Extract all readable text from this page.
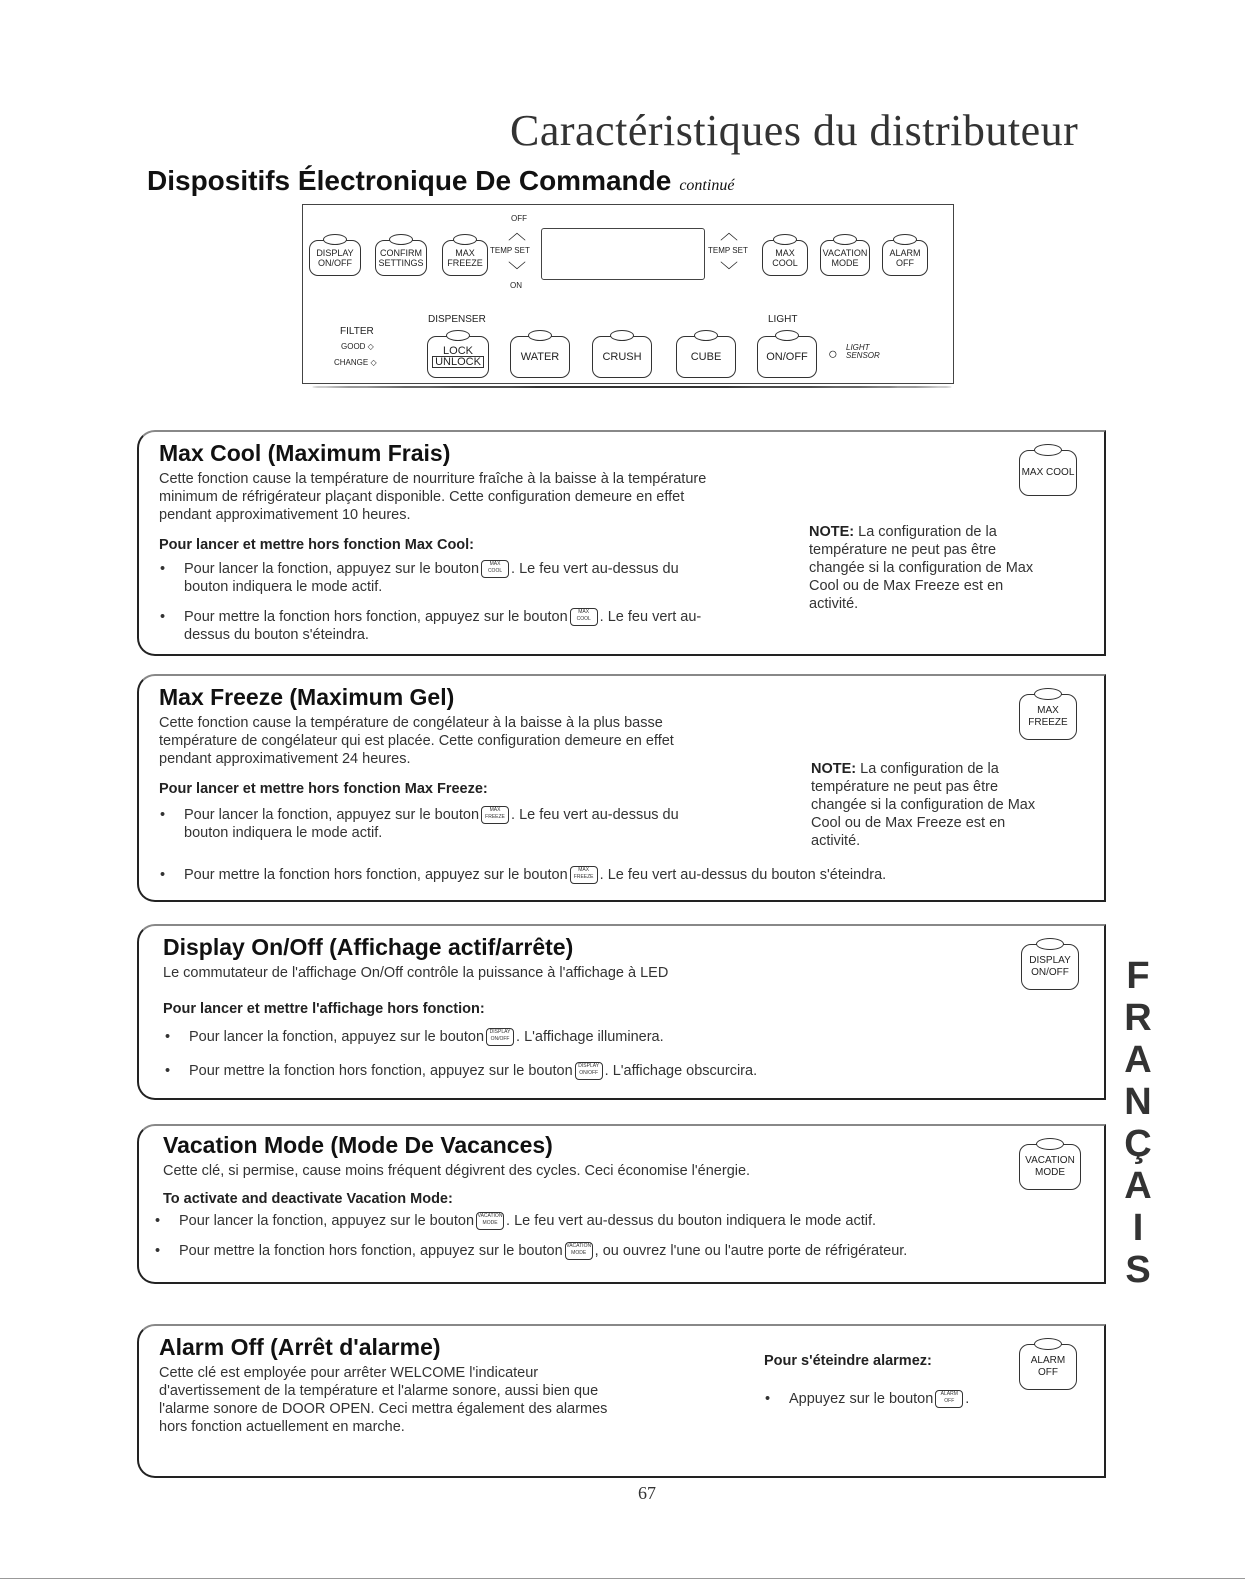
Caractéristiques du distributeur
Dispositifs Électronique De Commande continué
DISPLAY ON/OFF
CONFIRM SETTINGS
MAX FREEZE
TEMP SET
OFF
︿
﹀
ON
︿
﹀
TEMP SET	MAX COOL
VACATION MODE
ALARM OFF
FILTER
GOOD ◇
CHANGE ◇
DISPENSER	LIGHT
LOCK
UNLOCK	WATER	CRUSH	CUBE	ON/OFF ○ LIGHT SENSOR
Max Cool (Maximum Frais)
MAX COOL
Cette fonction cause la température de nourriture fraîche à la baisse à la température
minimum de réfrigérateur plaçant disponible. Cette configuration demeure en effet
pendant approximativement 10 heures.
Pour lancer et mettre hors fonction Max Cool:
• Pour lancer la fonction, appuyez sur le bouton MAX
COOL . Le feu vert au-dessus du
bouton indiquera le mode actif.
• Pour mettre la fonction hors fonction, appuyez sur le bouton MAX
COOL . Le feu vert au-
dessus du bouton s'éteindra.
NOTE: La configuration de la
température ne peut pas être
changée si la configuration de Max
Cool ou de Max Freeze est en
activité.
Max Freeze (Maximum Gel)
MAX FREEZE
Cette fonction cause la température de congélateur à la baisse à la plus basse
température de congélateur qui est placée. Cette configuration demeure en effet
pendant approximativement 24 heures.
Pour lancer et mettre hors fonction Max Freeze:
• Pour lancer la fonction, appuyez sur le bouton MAX
FREEZE . Le feu vert au-dessus du
bouton indiquera le mode actif.
• Pour mettre la fonction hors fonction, appuyez sur le bouton MAX
FREEZE . Le feu vert au-dessus du bouton s'éteindra.
NOTE: La configuration de la
température ne peut pas être
changée si la configuration de Max
Cool ou de Max Freeze est en
activité.
Display On/Off (Affichage actif/arrête)
DISPLAY ON/OFF
Le commutateur de l'affichage On/Off contrôle la puissance à l'affichage à LED
Pour lancer et mettre l'affichage hors fonction:
• Pour lancer la fonction, appuyez sur le bouton DISPLAY
ON/OFF . L'affichage illuminera.
• Pour mettre la fonction hors fonction, appuyez sur le bouton DISPLAY
ON/OFF . L'affichage obscurcira.
Vacation Mode (Mode De Vacances)
VACATION MODE
Cette clé, si permise, cause moins fréquent dégivrent des cycles. Ceci économise l'énergie.
To activate and deactivate Vacation Mode:
• Pour lancer la fonction, appuyez sur le bouton VACATION
MODE . Le feu vert au-dessus du bouton indiquera le mode actif.
• Pour mettre la fonction hors fonction, appuyez sur le bouton VACATION
MODE , ou ouvrez l'une ou l'autre porte de réfrigérateur.
Alarm Off (Arrêt d'alarme)
ALARM OFF
Cette clé est employée pour arrêter WELCOME l'indicateur
d'avertissement de la température et l'alarme sonore, aussi bien que
l'alarme sonore de DOOR OPEN. Ceci mettra également des alarmes
hors fonction actuellement en marche.
Pour s'éteindre alarmez:
• Appuyez sur le bouton ALARM
OFF .
FRANÇAIS
67
